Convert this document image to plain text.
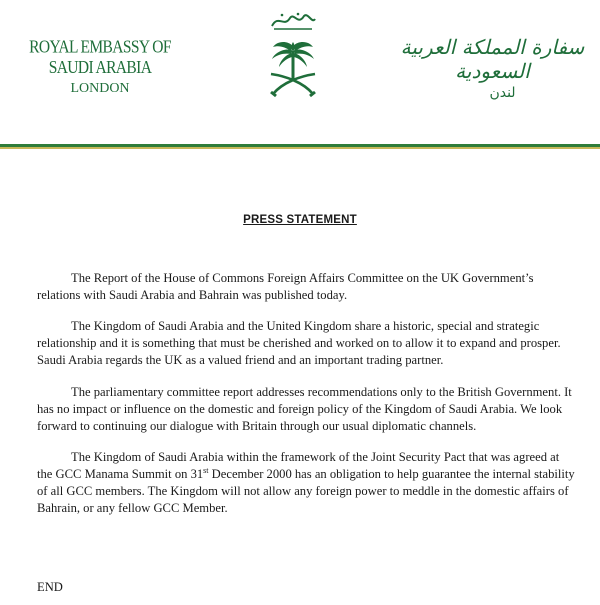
ROYAL EMBASSY OF SAUDI ARABIA
LONDON
سفارة المملكة العربية السعودية
لندن
PRESS STATEMENT

The Report of the House of Commons Foreign Affairs Committee on the UK Government’s relations with Saudi Arabia and Bahrain was published today.

The Kingdom of Saudi Arabia and the United Kingdom share a historic, special and strategic relationship and it is something that must be cherished and worked on to allow it to expand and prosper. Saudi Arabia regards the UK as a valued friend and an important trading partner.

The parliamentary committee report addresses recommendations only to the British Government. It has no impact or influence on the domestic and foreign policy of the Kingdom of Saudi Arabia. We look forward to continuing our dialogue with Britain through our usual diplomatic channels.

The Kingdom of Saudi Arabia within the framework of the Joint Security Pact that was agreed at the GCC Manama Summit on 31st December 2000 has an obligation to help guarantee the internal stability of all GCC members. The Kingdom will not allow any foreign power to meddle in the domestic affairs of Bahrain, or any fellow GCC Member.

END
